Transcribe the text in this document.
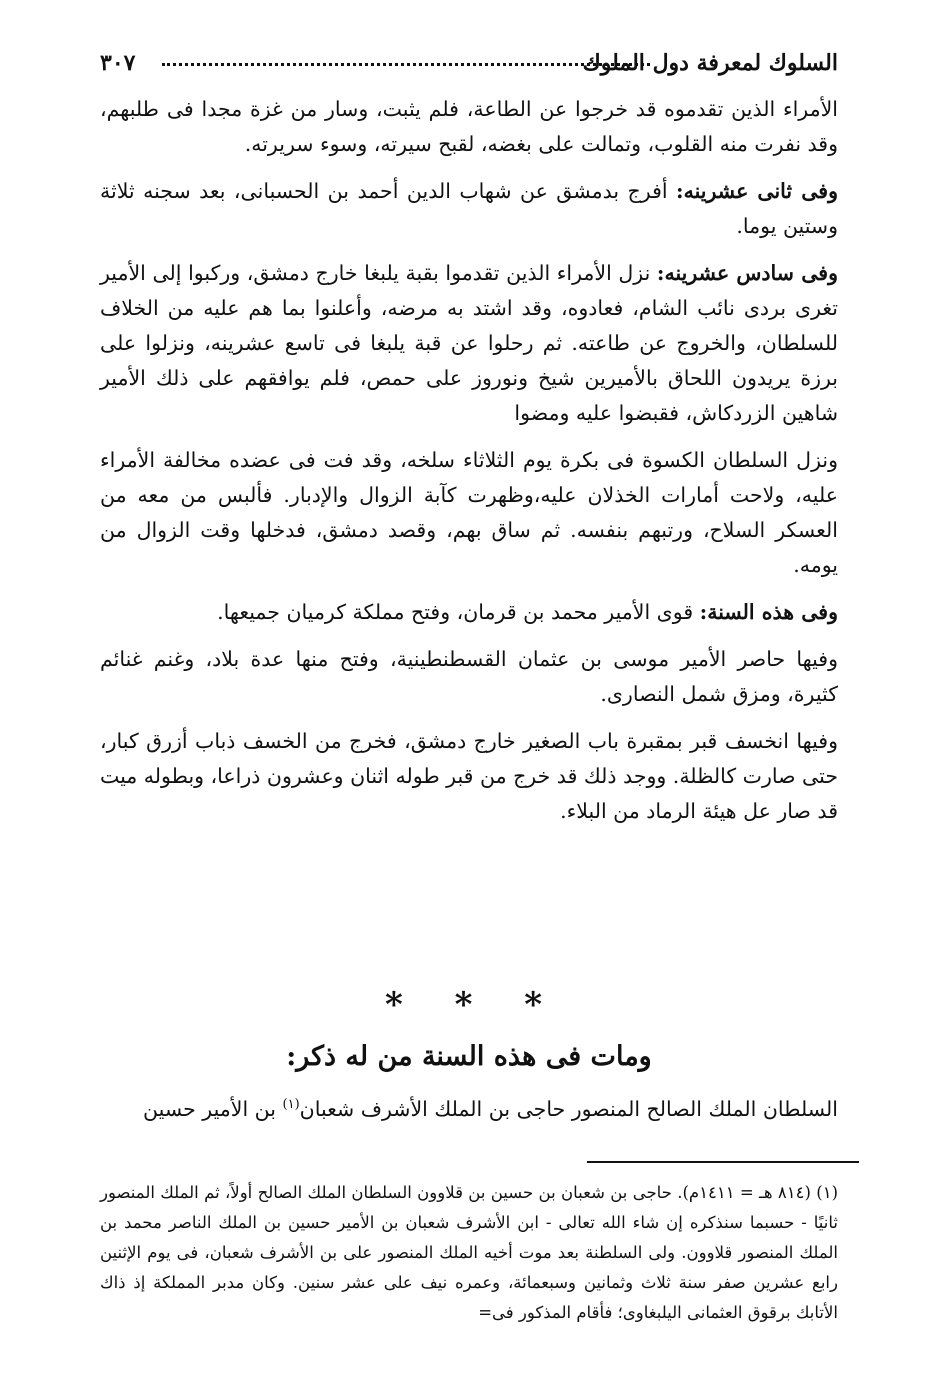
السلوك لمعرفة دول الملوك
٣٠٧

الأمراء الذين تقدموه قد خرجوا عن الطاعة، فلم يثبت، وسار من غزة مجدا فى طلبهم، وقد نفرت منه القلوب، وتمالت على بغضه، لقبح سيرته، وسوء سريرته.

وفى ثانى عشرينه: أفرج بدمشق عن شهاب الدين أحمد بن الحسبانى، بعد سجنه ثلاثة وستين يوما.

وفى سادس عشرينه: نزل الأمراء الذين تقدموا بقبة يلبغا خارج دمشق، وركبوا إلى الأمير تغرى بردى نائب الشام، فعادوه، وقد اشتد به مرضه، وأعلنوا بما هم عليه من الخلاف للسلطان، والخروج عن طاعته. ثم رحلوا عن قبة يلبغا فى تاسع عشرينه، ونزلوا على برزة يريدون اللحاق بالأميرين شيخ ونوروز على حمص، فلم يوافقهم على ذلك الأمير شاهين الزردكاش، فقبضوا عليه ومضوا

ونزل السلطان الكسوة فى بكرة يوم الثلاثاء سلخه، وقد فت فى عضده مخالفة الأمراء عليه، ولاحت أمارات الخذلان عليه،وظهرت كآبة الزوال والإدبار. فألبس من معه من العسكر السلاح، ورتبهم بنفسه. ثم ساق بهم، وقصد دمشق، فدخلها وقت الزوال من يومه.

وفى هذه السنة: قوى الأمير محمد بن قرمان، وفتح مملكة كرميان جميعها.

وفيها حاصر الأمير موسى بن عثمان القسطنطينية، وفتح منها عدة بلاد، وغنم غنائم كثيرة، ومزق شمل النصارى.

وفيها انخسف قبر بمقبرة باب الصغير خارج دمشق، فخرج من الخسف ذباب أزرق كبار، حتى صارت كالظلة. ووجد ذلك قد خرج من قبر طوله اثنان وعشرون ذراعا، وبطوله ميت قد صار عل هيئة الرماد من البلاء.

* * *
ومات فى هذه السنة من له ذكر:
السلطان الملك الصالح المنصور حاجى بن الملك الأشرف شعبان$^{(١)}$ بن الأمير حسين
(١) (٨١٤ هـ = ١٤١١م). حاجى بن شعبان بن حسين بن قلاوون السلطان الملك الصالح أولاً، ثم الملك المنصور ثانيًا - حسبما سنذكره إن شاء الله تعالى - ابن الأشرف شعبان بن الأمير حسين بن الملك الناصر محمد بن الملك المنصور قلاوون. ولى السلطنة بعد موت أخيه الملك المنصور على بن الأشرف شعبان، فى يوم الإثنين رابع عشرين صفر سنة ثلاث وثمانين وسبعمائة، وعمره نيف على عشر سنين. وكان مدبر المملكة إذ ذاك الأتابك برقوق العثمانى اليلبغاوى؛ فأقام المذكور فى=
